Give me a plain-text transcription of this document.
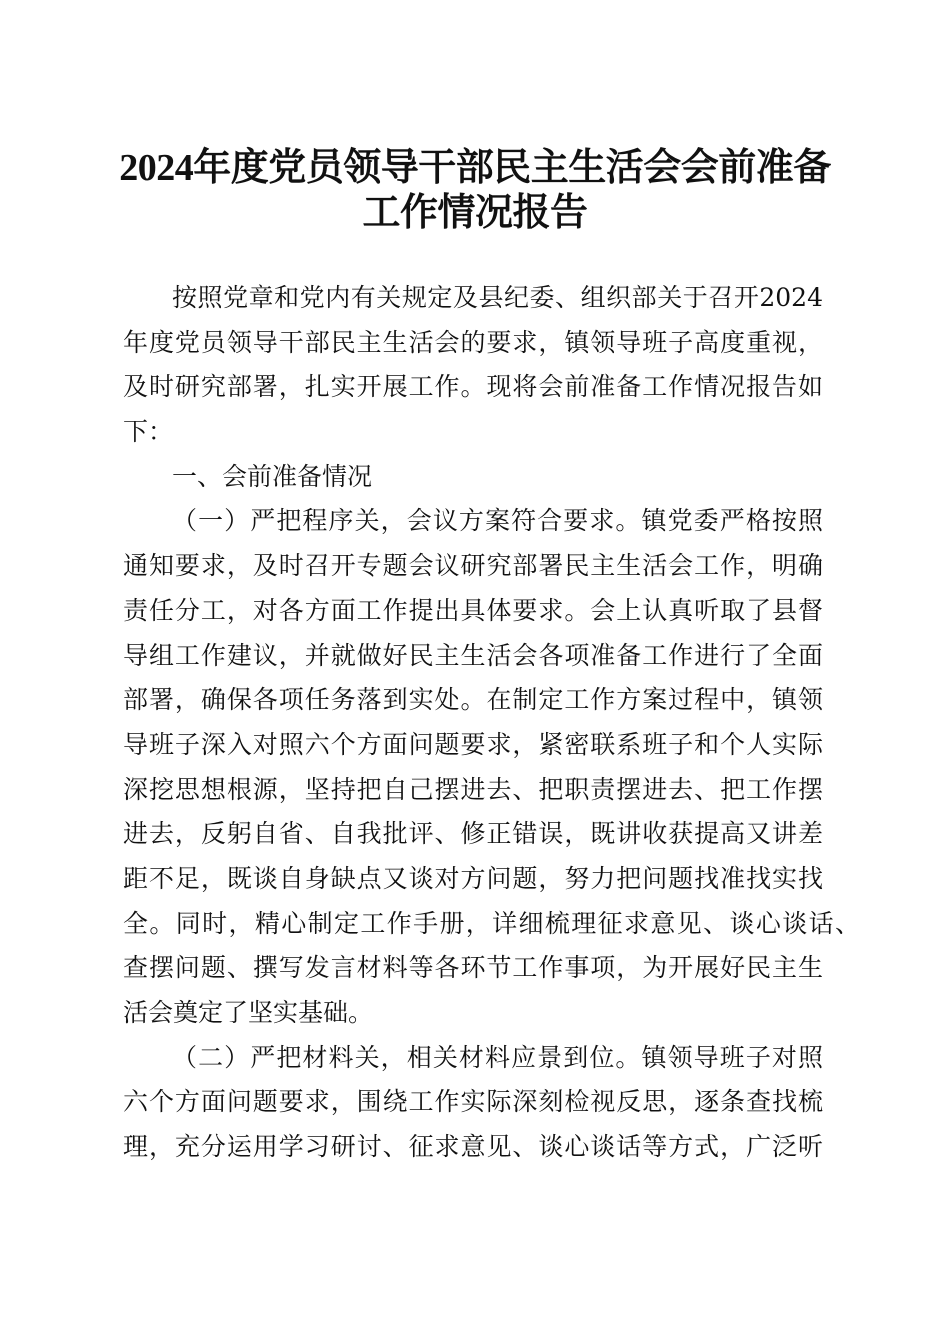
2024年度党员领导干部民主生活会会前准备
工作情况报告
按照党章和党内有关规定及县纪委、组织部关于召开2024
年度党员领导干部民主生活会的要求，镇领导班子高度重视，
及时研究部署，扎实开展工作。现将会前准备工作情况报告如
下：
一、会前准备情况
（一）严把程序关，会议方案符合要求。镇党委严格按照
通知要求，及时召开专题会议研究部署民主生活会工作，明确
责任分工，对各方面工作提出具体要求。会上认真听取了县督
导组工作建议，并就做好民主生活会各项准备工作进行了全面
部署，确保各项任务落到实处。在制定工作方案过程中，镇领
导班子深入对照六个方面问题要求，紧密联系班子和个人实际
深挖思想根源，坚持把自己摆进去、把职责摆进去、把工作摆
进去，反躬自省、自我批评、修正错误，既讲收获提高又讲差
距不足，既谈自身缺点又谈对方问题，努力把问题找准找实找
全。同时，精心制定工作手册，详细梳理征求意见、谈心谈话、
查摆问题、撰写发言材料等各环节工作事项，为开展好民主生
活会奠定了坚实基础。
（二）严把材料关，相关材料应景到位。镇领导班子对照
六个方面问题要求，围绕工作实际深刻检视反思，逐条查找梳
理，充分运用学习研讨、征求意见、谈心谈话等方式，广泛听
